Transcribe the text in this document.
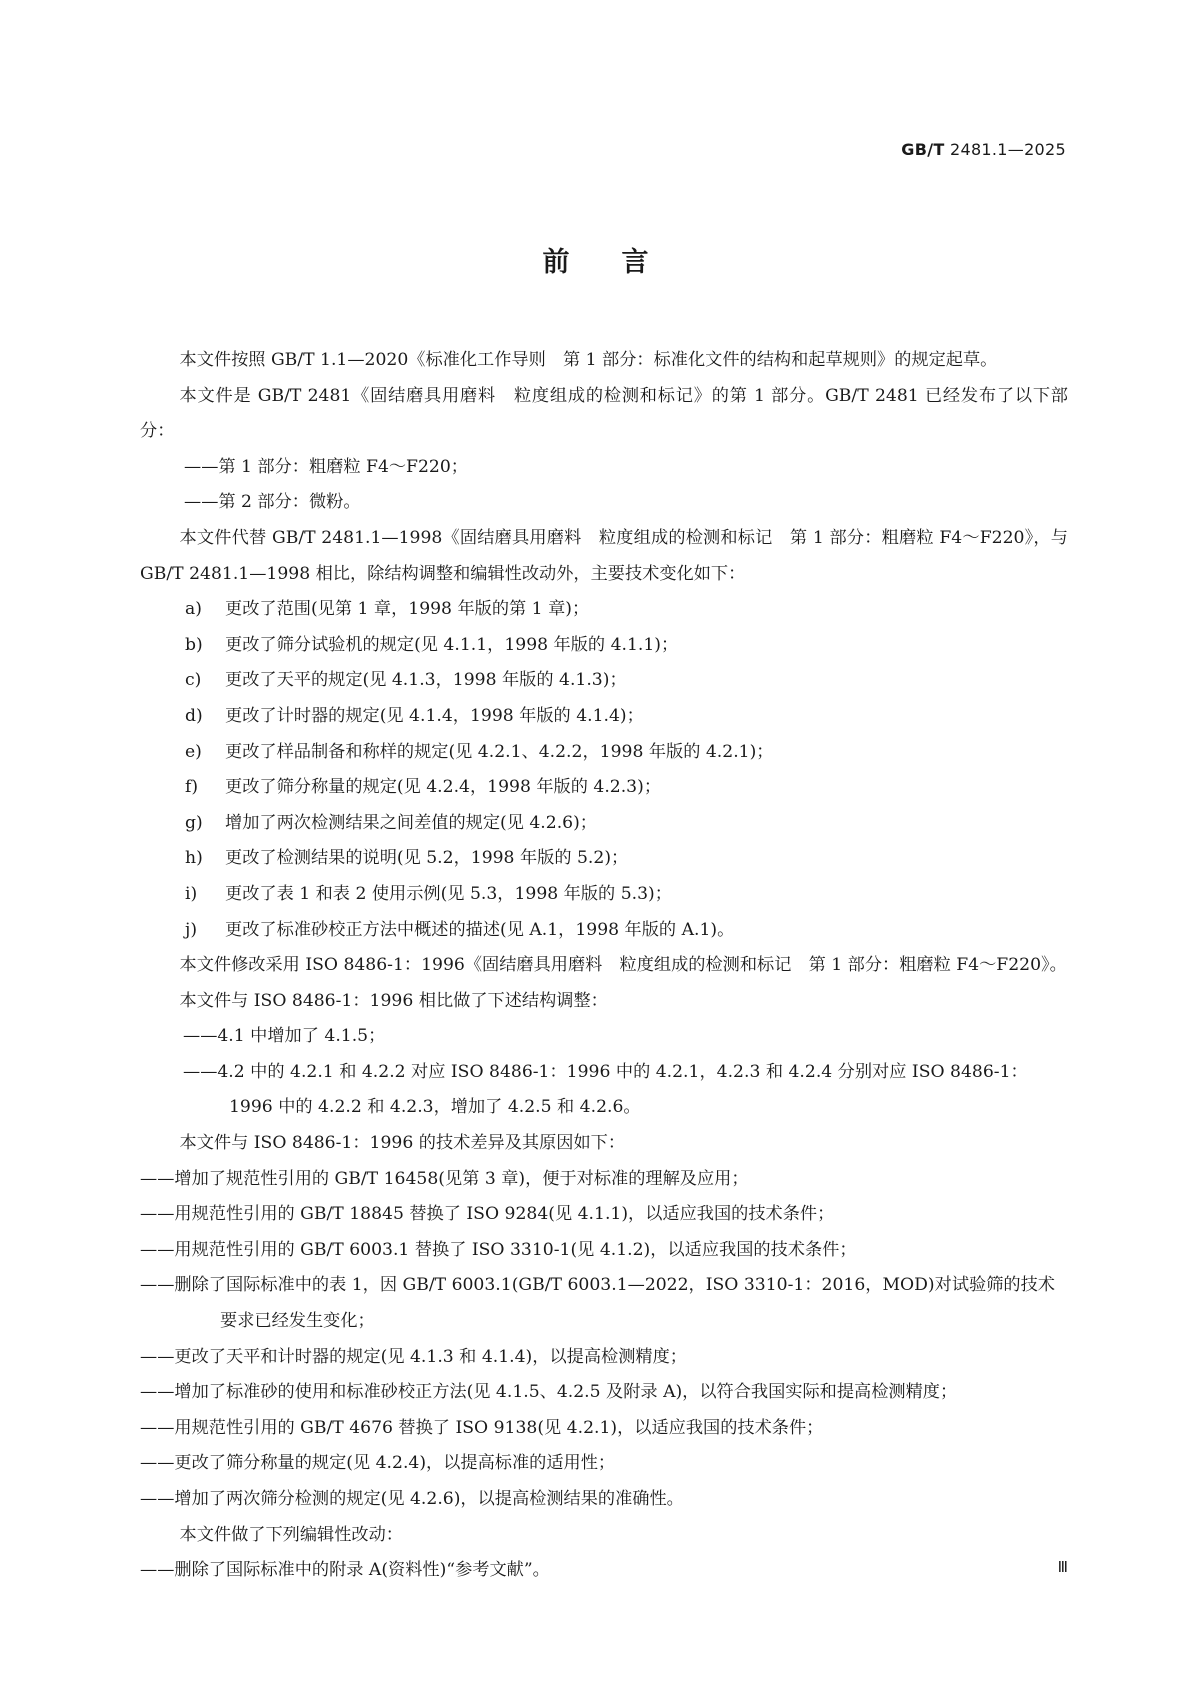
GB/T 2481.1—2025
前言

本文件按照 GB/T 1.1—2020《标准化工作导则　第 1 部分：标准化文件的结构和起草规则》的规定起草。

本文件是 GB/T 2481《固结磨具用磨料　粒度组成的检测和标记》的第 1 部分。GB/T 2481 已经发布了以下部分：

——第 1 部分：粗磨粒 F4～F220；

——第 2 部分：微粉。

本文件代替 GB/T 2481.1—1998《固结磨具用磨料　粒度组成的检测和标记　第 1 部分：粗磨粒 F4～F220》，与 GB/T 2481.1—1998 相比，除结构调整和编辑性改动外，主要技术变化如下：

a)	更改了范围(见第 1 章，1998 年版的第 1 章)；

b)	更改了筛分试验机的规定(见 4.1.1，1998 年版的 4.1.1)；

c)	更改了天平的规定(见 4.1.3，1998 年版的 4.1.3)；

d)	更改了计时器的规定(见 4.1.4，1998 年版的 4.1.4)；

e)	更改了样品制备和称样的规定(见 4.2.1、4.2.2，1998 年版的 4.2.1)；

f)	更改了筛分称量的规定(见 4.2.4，1998 年版的 4.2.3)；

g)	增加了两次检测结果之间差值的规定(见 4.2.6)；

h)	更改了检测结果的说明(见 5.2，1998 年版的 5.2)；

i)	更改了表 1 和表 2 使用示例(见 5.3，1998 年版的 5.3)；

j)	更改了标准砂校正方法中概述的描述(见 A.1，1998 年版的 A.1)。

本文件修改采用 ISO 8486-1：1996《固结磨具用磨料　粒度组成的检测和标记　第 1 部分：粗磨粒 F4～F220》。

本文件与 ISO 8486-1：1996 相比做了下述结构调整：

——4.1 中增加了 4.1.5；

——4.2 中的 4.2.1 和 4.2.2 对应 ISO 8486-1：1996 中的 4.2.1，4.2.3 和 4.2.4 分别对应 ISO 8486-1：1996 中的 4.2.2 和 4.2.3，增加了 4.2.5 和 4.2.6。

本文件与 ISO 8486-1：1996 的技术差异及其原因如下：

——增加了规范性引用的 GB/T 16458(见第 3 章)，便于对标准的理解及应用；

——用规范性引用的 GB/T 18845 替换了 ISO 9284(见 4.1.1)，以适应我国的技术条件；

——用规范性引用的 GB/T 6003.1 替换了 ISO 3310-1(见 4.1.2)，以适应我国的技术条件；

——删除了国际标准中的表 1，因 GB/T 6003.1(GB/T 6003.1—2022，ISO 3310-1：2016，MOD)对试验筛的技术要求已经发生变化；

——更改了天平和计时器的规定(见 4.1.3 和 4.1.4)，以提高检测精度；

——增加了标准砂的使用和标准砂校正方法(见 4.1.5、4.2.5 及附录 A)，以符合我国实际和提高检测精度；

——用规范性引用的 GB/T 4676 替换了 ISO 9138(见 4.2.1)，以适应我国的技术条件；

——更改了筛分称量的规定(见 4.2.4)，以提高标准的适用性；

——增加了两次筛分检测的规定(见 4.2.6)，以提高检测结果的准确性。

本文件做了下列编辑性改动：

——删除了国际标准中的附录 A(资料性)“参考文献”。	Ⅲ
